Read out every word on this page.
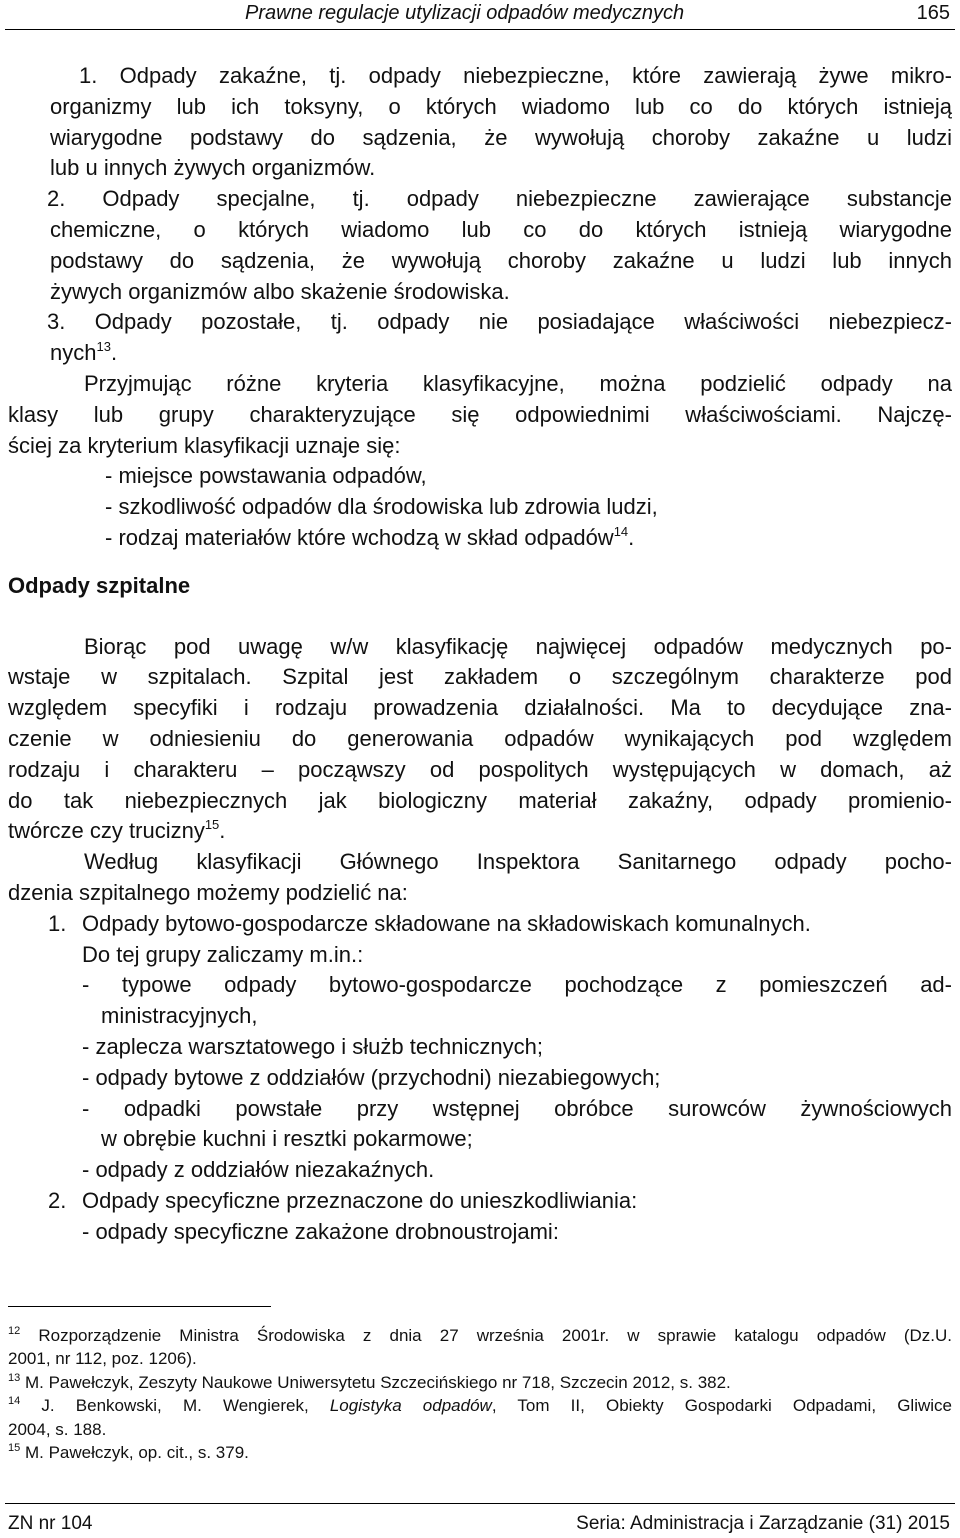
Prawne regulacje utylizacji odpadów medycznych	165
1. Odpady zakaźne, tj. odpady niebezpieczne, które zawierają żywe mikro-
organizmy lub ich toksyny, o których wiadomo lub co do których istnieją
wiarygodne podstawy do sądzenia, że wywołują choroby zakaźne u ludzi
lub u innych żywych organizmów.
2. Odpady specjalne, tj. odpady niebezpieczne zawierające substancje
chemiczne, o których wiadomo lub co do których istnieją wiarygodne
podstawy do sądzenia, że wywołują choroby zakaźne u ludzi lub innych
żywych organizmów albo skażenie środowiska.
3. Odpady pozostałe, tj. odpady nie posiadające właściwości niebezpiecz-
nych$^{13}$.
Przyjmując różne kryteria klasyfikacyjne, można podzielić odpady na
klasy lub grupy charakteryzujące się odpowiednimi właściwościami. Najczę-
ściej za kryterium klasyfikacji uznaje się:
- miejsce powstawania odpadów,
- szkodliwość odpadów dla środowiska lub zdrowia ludzi,
- rodzaj materiałów które wchodzą w skład odpadów$^{14}$.
Odpady szpitalne
Biorąc pod uwagę w/w klasyfikację najwięcej odpadów medycznych po-
wstaje w szpitalach. Szpital jest zakładem o szczególnym charakterze pod
względem specyfiki i rodzaju prowadzenia działalności. Ma to decydujące zna-
czenie w odniesieniu do generowania odpadów wynikających pod względem
rodzaju i charakteru – począwszy od pospolitych występujących w domach, aż
do tak niebezpiecznych jak biologiczny materiał zakaźny, odpady promienio-
twórcze czy trucizny$^{15}$.
Według klasyfikacji Głównego Inspektora Sanitarnego odpady pocho-
dzenia szpitalnego możemy podzielić na:
1. Odpady bytowo-gospodarcze składowane na składowiskach komunalnych.
Do tej grupy zaliczamy m.in.:
- typowe odpady bytowo-gospodarcze pochodzące z pomieszczeń ad-
ministracyjnych,
- zaplecza warsztatowego i służb technicznych;
- odpady bytowe z oddziałów (przychodni) niezabiegowych;
- odpadki powstałe przy wstępnej obróbce surowców żywnościowych
w obrębie kuchni i resztki pokarmowe;
- odpady z oddziałów niezakaźnych.
2. Odpady specyficzne przeznaczone do unieszkodliwiania:
- odpady specyficzne zakażone drobnoustrojami:
$^{12}$ Rozporządzenie Ministra Środowiska z dnia 27 września 2001r. w sprawie katalogu odpadów (Dz.U.
2001, nr 112, poz. 1206).
$^{13}$ M. Pawełczyk, Zeszyty Naukowe Uniwersytetu Szczecińskiego nr 718, Szczecin 2012, s. 382.
$^{14}$ J. Benkowski, M. Wengierek, Logistyka odpadów, Tom II, Obiekty Gospodarki Odpadami, Gliwice
2004, s. 188.
$^{15}$ M. Pawełczyk, op. cit., s. 379.
ZN nr 104	Seria: Administracja i Zarządzanie (31) 2015
